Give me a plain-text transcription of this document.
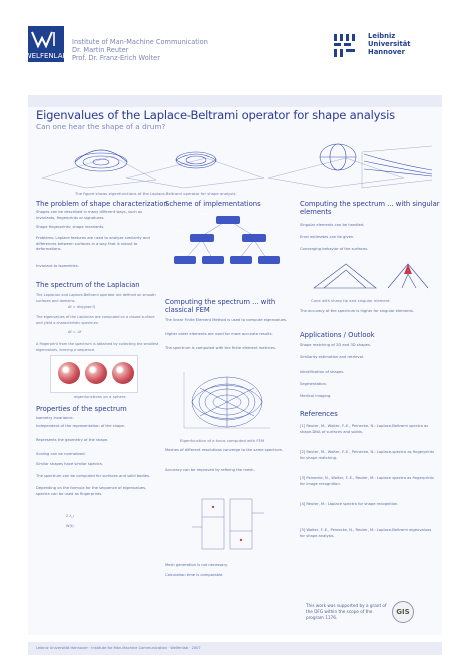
WELFENLAB
Institute of Man-Machine Communication
Dr. Martin Reuter
Prof. Dr. Franz-Erich Wolter
Leibniz
Universität
Hannover
Eigenvalues of the Laplace-Beltrami operator for shape analysis
Can one hear the shape of a drum?
The figure shows eigenfunctions of the Laplace-Beltrami operator for shape analysis.
The problem of shape characterization
Shapes can be described in many different ways, such as invariants, fingerprints or signatures.
Shape fingerprints: shape invariants.
Problems: Laplace features are used to analyze similarity and differences between surfaces in a way that is robust to deformations.
Invariant to isometries.
The spectrum of the Laplacian
The Laplacian and Laplace-Beltrami operator are defined on smooth surfaces and domains.
Δf = div(grad f)
The eigenvalues of the Laplacian are computed on a closed surface and yield a characteristic spectrum.
Δf = -λf
A fingerprint from the spectrum is obtained by collecting the smallest eigenvalues, forming a sequence.
eigenfunctions on a sphere
Properties of the spectrum
Isometry invariance.
Independent of the representation of the shape.
Represents the geometry of the shape.
Scaling can be normalized.
Similar shapes have similar spectra.
The spectrum can be computed for surfaces and solid bodies.
Depending on the formula for the sequence of eigenvalues, spectra can be used as fingerprints.
Σ λ_i
W(t)
Scheme of implementations
Mesh
FEM	Spectrum
Surface	Solid	2D	3D
Computing the spectrum ... with classical FEM
The linear Finite Element Method is used to compute eigenvalues.
Higher order elements are used for more accurate results.
The spectrum is computed with the finite element matrices.
Eigenfunction of a torus computed with FEM
Meshes of different resolutions converge to the same spectrum.
Accuracy can be improved by refining the mesh.
Mesh generation is not necessary.
Calculation time is comparable.
Computing the spectrum ... with singular elements
Singular elements can be handled.
Error estimates can be given.
Converging behavior of the surfaces.
Cone with sharp tip and singular element
The accuracy of the spectrum is higher for singular elements.
Applications / Outlook
Shape matching of 2D and 3D shapes.
Similarity estimation and retrieval.
Identification of shapes.
Segmentation.
Medical imaging.
References
[1] Reuter, M., Wolter, F.-E., Peinecke, N.: Laplace-Beltrami spectra as shape-DNA of surfaces and solids.
[2] Reuter, M., Wolter, F.-E., Peinecke, N.: Laplace-spectra as fingerprints for shape matching.
[3] Peinecke, N., Wolter, F.-E., Reuter, M.: Laplace spectra as fingerprints for image recognition.
[4] Reuter, M.: Laplace spectra for shape recognition.
[5] Wolter, F.-E., Peinecke, N., Reuter, M.: Laplace-Beltrami eigenvalues for shape analysis.
This work was supported by a grant of the DFG within the scope of the program 1176.
GIS
Leibniz Universität Hannover · Institute for Man-Machine Communication · Welfenlab · 2007
